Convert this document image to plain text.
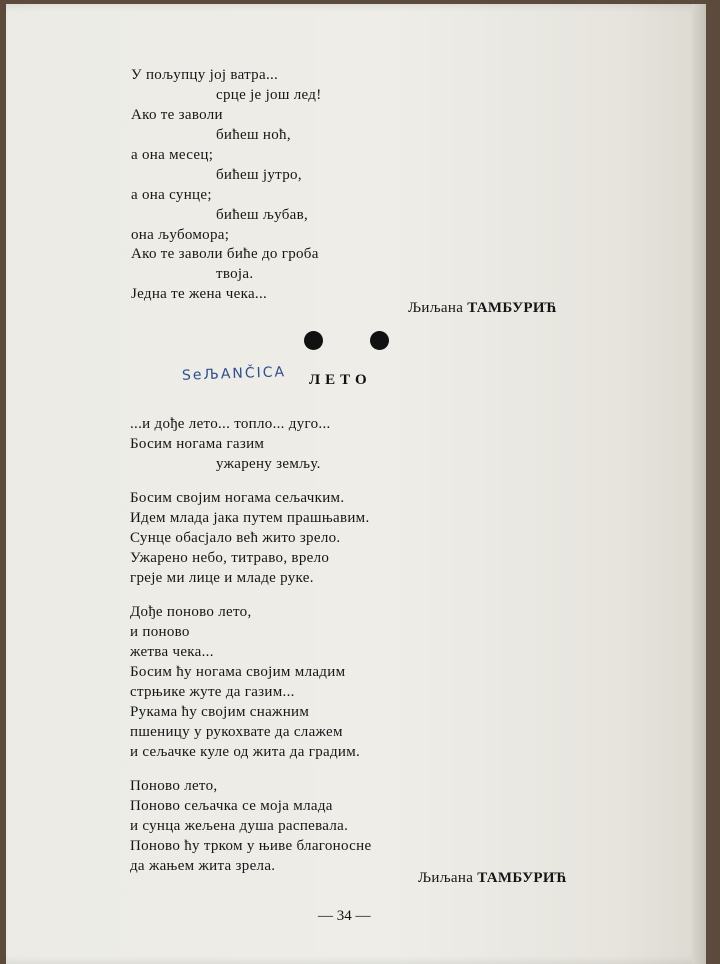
У пољупцу јој ватра...
срце је још лед!
Ако те заволи
бићеш ноћ,
а она месец;
бићеш јутро,
а она сунце;
бићеш љубав,
она љубомора;
Ако те заволи биће до гроба
твоја.
Једна те жена чека...
Љиљана ТАМБУРИЋ
SeЉANČICA ЛЕТО
...и дође лето... топло... дуго...
Босим ногама газим
ужарену земљу.
Босим својим ногама сељачким.
Идем млада јака путем прашњавим.
Сунце обасјало већ жито зрело.
Ужарено небо, титраво, врело
греје ми лице и младе руке.
Дође поново лето,
и поново
жетва чека...
Босим ћу ногама својим младим
стрњике жуте да газим...
Рукама ћу својим снажним
пшеницу у рукохвате да слажем
и сељачке куле од жита да градим.
Поново лето,
Поново сељачка се моја млада
и сунца жељена душа распевала.
Поново ћу трком у њиве благоносне
да жањем жита зрела.
Љиљана ТАМБУРИЋ
— 34 —
